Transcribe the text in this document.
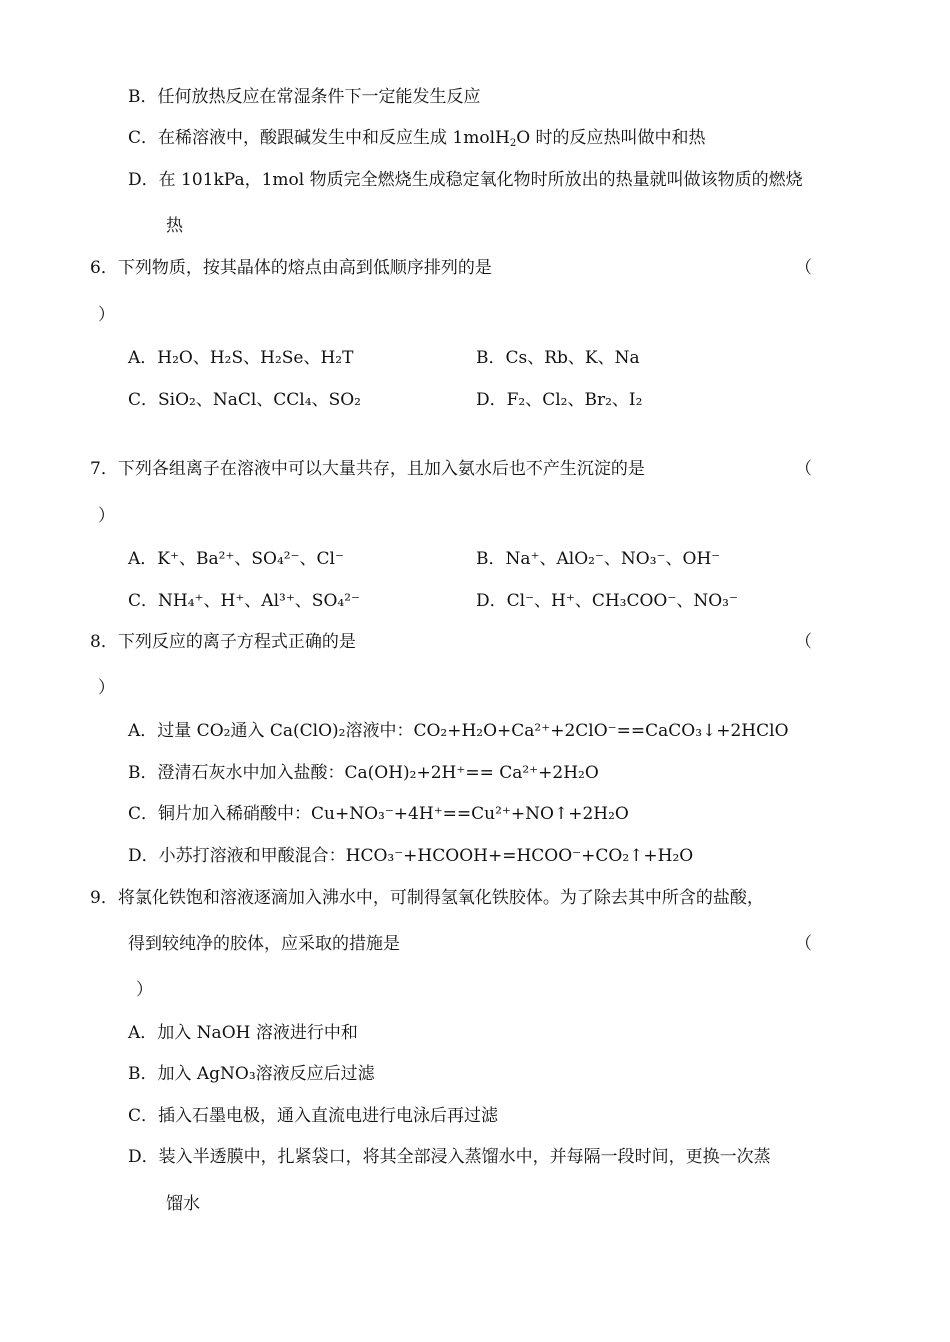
B．任何放热反应在常湿条件下一定能发生反应
C．在稀溶液中，酸跟碱发生中和反应生成 1molH$_2$O 时的反应热叫做中和热
D．在 101kPa，1mol 物质完全燃烧生成稳定氧化物时所放出的热量就叫做该物质的燃烧
热
6．下列物质，按其晶体的熔点由高到低顺序排列的是	（
）
A．H₂O、H₂S、H₂Se、H₂T	B．Cs、Rb、K、Na
C．SiO₂、NaCl、CCl₄、SO₂	D．F₂、Cl₂、Br₂、I₂
7．下列各组离子在溶液中可以大量共存，且加入氨水后也不产生沉淀的是	（
）
A．K⁺、Ba²⁺、SO₄²⁻、Cl⁻	B．Na⁺、AlO₂⁻、NO₃⁻、OH⁻
C．NH₄⁺、H⁺、Al³⁺、SO₄²⁻	D．Cl⁻、H⁺、CH₃COO⁻、NO₃⁻
8．下列反应的离子方程式正确的是	（
）
A．过量 CO₂通入 Ca(ClO)₂溶液中：CO₂+H₂O+Ca²⁺+2ClO⁻==CaCO₃↓+2HClO
B．澄清石灰水中加入盐酸：Ca(OH)₂+2H⁺== Ca²⁺+2H₂O
C．铜片加入稀硝酸中：Cu+NO₃⁻+4H⁺==Cu²⁺+NO↑+2H₂O
D．小苏打溶液和甲酸混合：HCO₃⁻+HCOOH+=HCOO⁻+CO₂↑+H₂O
9．将氯化铁饱和溶液逐滴加入沸水中，可制得氢氧化铁胶体。为了除去其中所含的盐酸，
得到较纯净的胶体，应采取的措施是	（
）
A．加入 NaOH 溶液进行中和
B．加入 AgNO₃溶液反应后过滤
C．插入石墨电极，通入直流电进行电泳后再过滤
D．装入半透膜中，扎紧袋口，将其全部浸入蒸馏水中，并每隔一段时间，更换一次蒸
馏水
